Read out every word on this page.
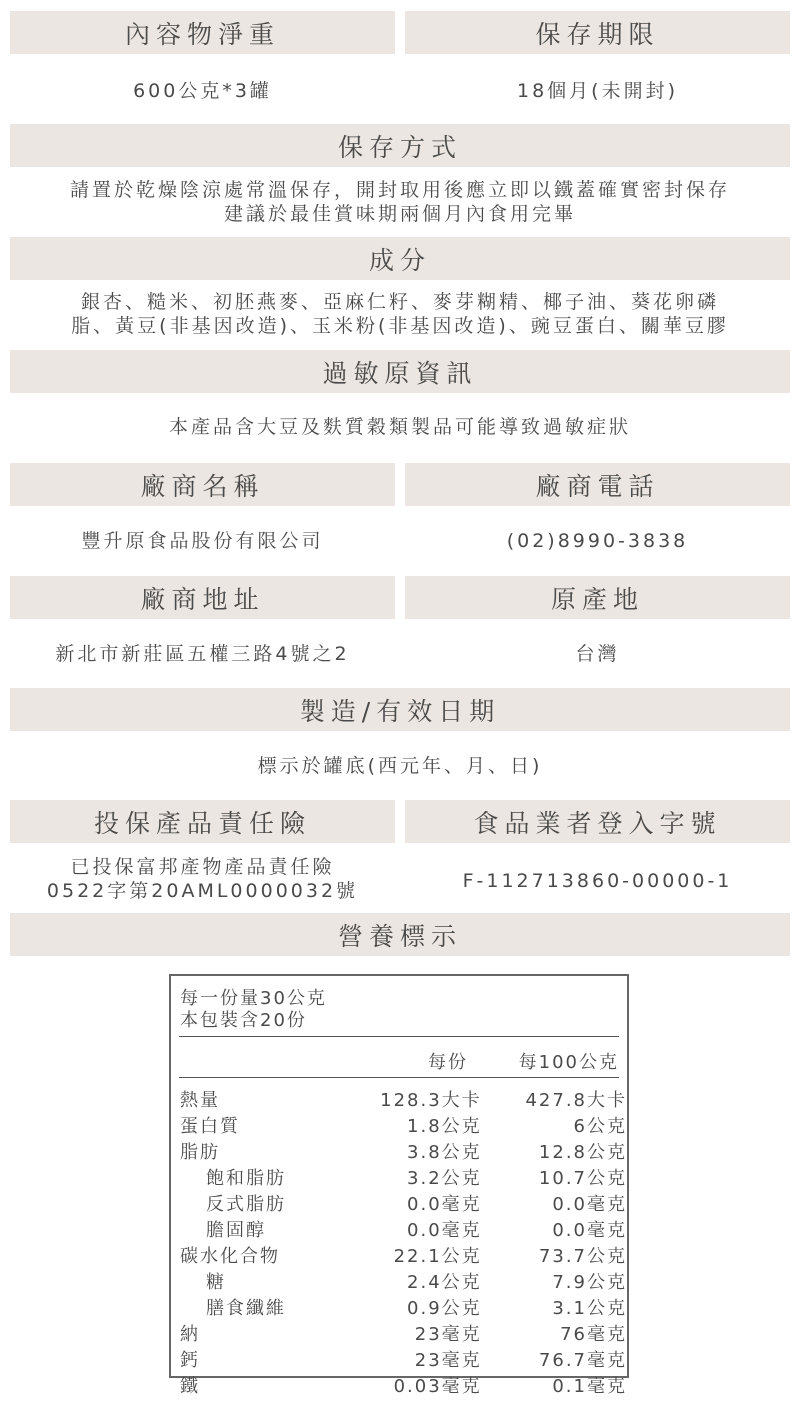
內容物淨重	保存期限
600公克*3罐	18個月(未開封)
保存方式
請置於乾燥陰涼處常溫保存，開封取用後應立即以鐵蓋確實密封保存
建議於最佳賞味期兩個月內食用完畢
成分
銀杏、糙米、初胚燕麥、亞麻仁籽、麥芽糊精、椰子油、葵花卵磷
脂、黃豆(非基因改造)、玉米粉(非基因改造)、豌豆蛋白、關華豆膠
過敏原資訊
本產品含大豆及麩質穀類製品可能導致過敏症狀
廠商名稱	廠商電話
豐升原食品股份有限公司	(02)8990-3838
廠商地址	原產地
新北市新莊區五權三路4號之2	台灣
製造/有效日期
標示於罐底(西元年、月、日)
投保產品責任險	食品業者登入字號
已投保富邦產物產品責任險
0522字第20AML0000032號	F-112713860-00000-1
營養標示
每一份量30公克
本包裝含20份
每份	每100公克
熱量	128.3大卡	427.8大卡
蛋白質	1.8公克	6公克
脂肪	3.8公克	12.8公克
飽和脂肪	3.2公克	10.7公克
反式脂肪	0.0毫克	0.0毫克
膽固醇	0.0毫克	0.0毫克
碳水化合物	22.1公克	73.7公克
糖	2.4公克	7.9公克
膳食纖維	0.9公克	3.1公克
納	23毫克	76毫克
鈣	23毫克	76.7毫克
鐵	0.03毫克	0.1毫克
